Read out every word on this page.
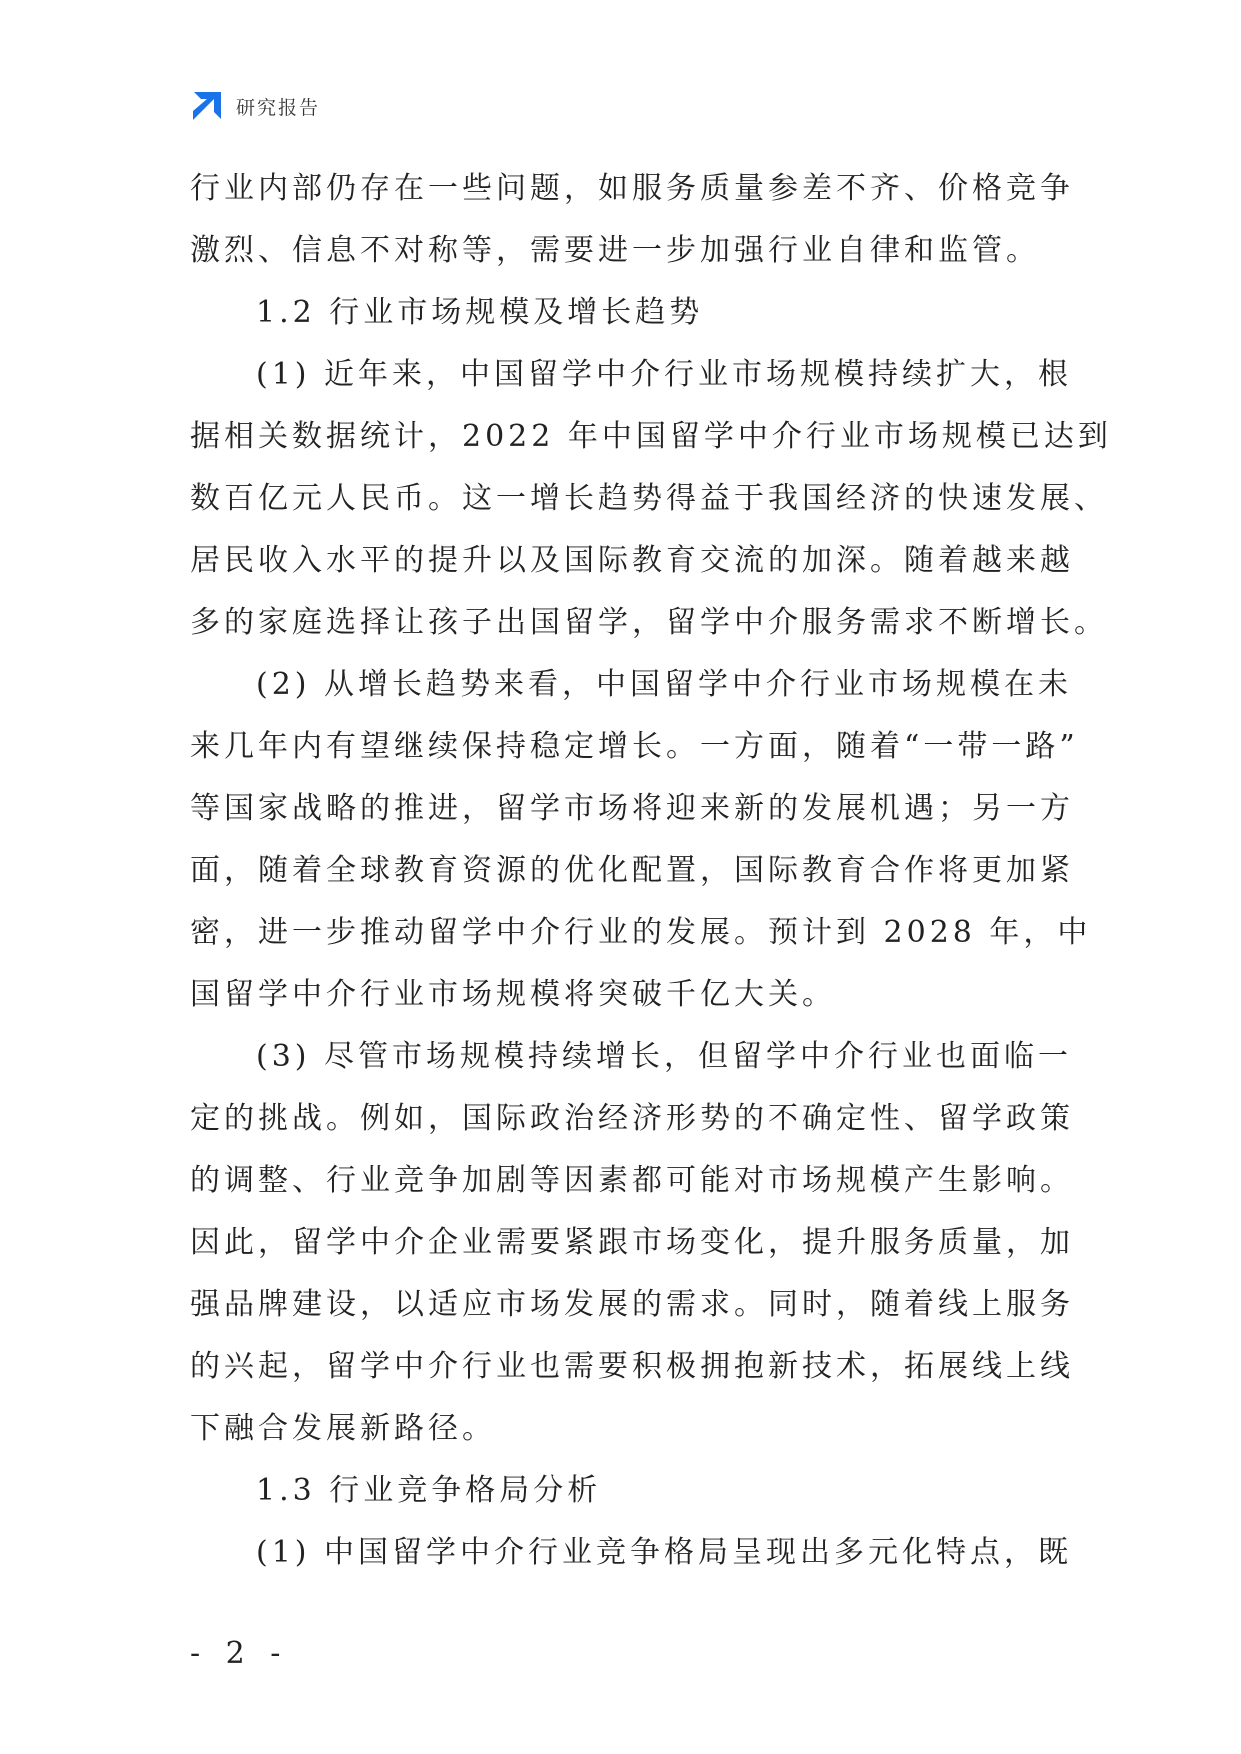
研究报告
行业内部仍存在一些问题，如服务质量参差不齐、价格竞争
激烈、信息不对称等，需要进一步加强行业自律和监管。
1.2 行业市场规模及增长趋势
(1) 近年来，中国留学中介行业市场规模持续扩大，根
据相关数据统计，2022 年中国留学中介行业市场规模已达到
数百亿元人民币。这一增长趋势得益于我国经济的快速发展、
居民收入水平的提升以及国际教育交流的加深。随着越来越
多的家庭选择让孩子出国留学，留学中介服务需求不断增长。
(2) 从增长趋势来看，中国留学中介行业市场规模在未
来几年内有望继续保持稳定增长。一方面，随着“一带一路”
等国家战略的推进，留学市场将迎来新的发展机遇；另一方
面，随着全球教育资源的优化配置，国际教育合作将更加紧
密，进一步推动留学中介行业的发展。预计到 2028 年，中
国留学中介行业市场规模将突破千亿大关。
(3) 尽管市场规模持续增长，但留学中介行业也面临一
定的挑战。例如，国际政治经济形势的不确定性、留学政策
的调整、行业竞争加剧等因素都可能对市场规模产生影响。
因此，留学中介企业需要紧跟市场变化，提升服务质量，加
强品牌建设，以适应市场发展的需求。同时，随着线上服务
的兴起，留学中介行业也需要积极拥抱新技术，拓展线上线
下融合发展新路径。
1.3 行业竞争格局分析
(1) 中国留学中介行业竞争格局呈现出多元化特点，既
- 2 -
